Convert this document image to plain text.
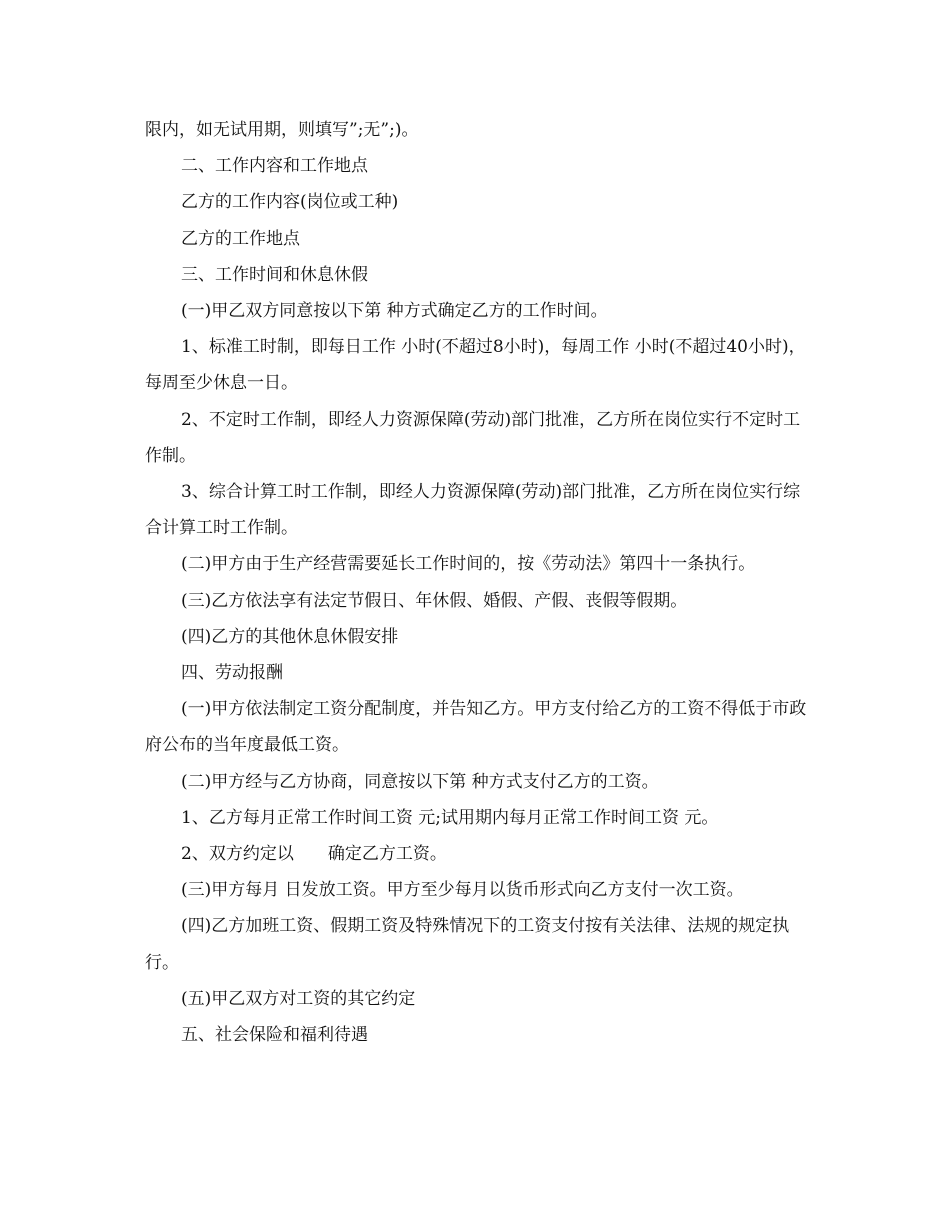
限内，如无试用期，则填写”;无”;)。

二、工作内容和工作地点

乙方的工作内容(岗位或工种)

乙方的工作地点

三、工作时间和休息休假

(一)甲乙双方同意按以下第 种方式确定乙方的工作时间。

1、标准工时制，即每日工作 小时(不超过8小时)，每周工作 小时(不超过40小时)，每周至少休息一日。

2、不定时工作制，即经人力资源保障(劳动)部门批准，乙方所在岗位实行不定时工作制。

3、综合计算工时工作制，即经人力资源保障(劳动)部门批准，乙方所在岗位实行综合计算工时工作制。

(二)甲方由于生产经营需要延长工作时间的，按《劳动法》第四十一条执行。

(三)乙方依法享有法定节假日、年休假、婚假、产假、丧假等假期。

(四)乙方的其他休息休假安排

四、劳动报酬

(一)甲方依法制定工资分配制度，并告知乙方。甲方支付给乙方的工资不得低于市政府公布的当年度最低工资。

(二)甲方经与乙方协商，同意按以下第 种方式支付乙方的工资。

1、乙方每月正常工作时间工资 元;试用期内每月正常工作时间工资 元。

2、双方约定以　　确定乙方工资。

(三)甲方每月 日发放工资。甲方至少每月以货币形式向乙方支付一次工资。

(四)乙方加班工资、假期工资及特殊情况下的工资支付按有关法律、法规的规定执行。

(五)甲乙双方对工资的其它约定

五、社会保险和福利待遇
